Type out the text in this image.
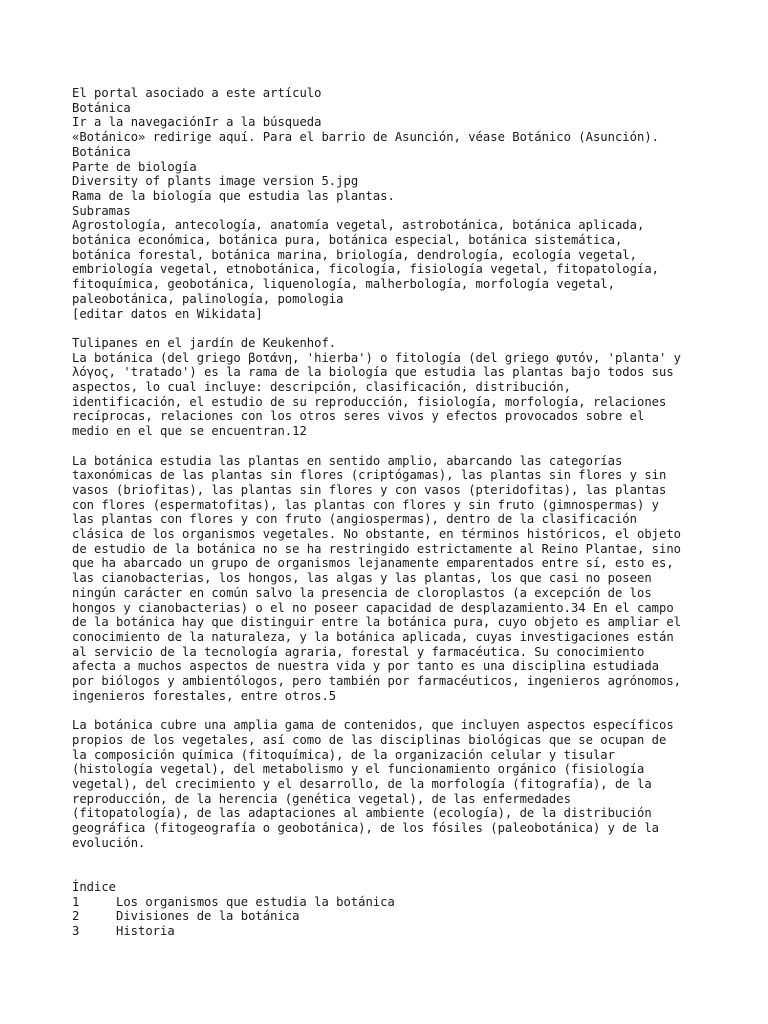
El portal asociado a este artículo
Botánica
Ir a la navegaciónIr a la búsqueda
«Botánico» redirige aquí. Para el barrio de Asunción, véase Botánico (Asunción).
Botánica
Parte de biología
Diversity of plants image version 5.jpg
Rama de la biología que estudia las plantas.
Subramas
Agrostología, antecología, anatomía vegetal, astrobotánica, botánica aplicada,
botánica económica, botánica pura, botánica especial, botánica sistemática,
botánica forestal, botánica marina, briología, dendrología, ecología vegetal,
embriología vegetal, etnobotánica, ficología, fisiología vegetal, fitopatología,
fitoquímica, geobotánica, liquenología, malherbología, morfología vegetal,
paleobotánica, palinología, pomologia
[editar datos en Wikidata]
Tulipanes en el jardín de Keukenhof.
La botánica (del griego βοτάνη, 'hierba') o fitología (del griego φυτόν, 'planta' y
λόγος, 'tratado') es la rama de la biología que estudia las plantas bajo todos sus
aspectos, lo cual incluye: descripción, clasificación, distribución,
identificación, el estudio de su reproducción, fisiología, morfología, relaciones
recíprocas, relaciones con los otros seres vivos y efectos provocados sobre el
medio en el que se encuentran.12
La botánica estudia las plantas en sentido amplio, abarcando las categorías
taxonómicas de las plantas sin flores (criptógamas), las plantas sin flores y sin
vasos (briofitas), las plantas sin flores y con vasos (pteridofitas), las plantas
con flores (espermatofitas), las plantas con flores y sin fruto (gimnospermas) y
las plantas con flores y con fruto (angiospermas), dentro de la clasificación
clásica de los organismos vegetales. No obstante, en términos históricos, el objeto
de estudio de la botánica no se ha restringido estrictamente al Reino Plantae, sino
que ha abarcado un grupo de organismos lejanamente emparentados entre sí, esto es,
las cianobacterias, los hongos, las algas y las plantas, los que casi no poseen
ningún carácter en común salvo la presencia de cloroplastos (a excepción de los
hongos y cianobacterias) o el no poseer capacidad de desplazamiento.34 En el campo
de la botánica hay que distinguir entre la botánica pura, cuyo objeto es ampliar el
conocimiento de la naturaleza, y la botánica aplicada, cuyas investigaciones están
al servicio de la tecnología agraria, forestal y farmacéutica. Su conocimiento
afecta a muchos aspectos de nuestra vida y por tanto es una disciplina estudiada
por biólogos y ambientólogos, pero también por farmacéuticos, ingenieros agrónomos,
ingenieros forestales, entre otros.5
La botánica cubre una amplia gama de contenidos, que incluyen aspectos específicos
propios de los vegetales, así como de las disciplinas biológicas que se ocupan de
la composición química (fitoquímica), de la organización celular y tisular
(histología vegetal), del metabolismo y el funcionamiento orgánico (fisiología
vegetal), del crecimiento y el desarrollo, de la morfología (fitografía), de la
reproducción, de la herencia (genética vegetal), de las enfermedades
(fitopatología), de las adaptaciones al ambiente (ecología), de la distribución
geográfica (fitogeografía o geobotánica), de los fósiles (paleobotánica) y de la
evolución.
Índice
1	Los organismos que estudia la botánica
2	Divisiones de la botánica
3	Historia
